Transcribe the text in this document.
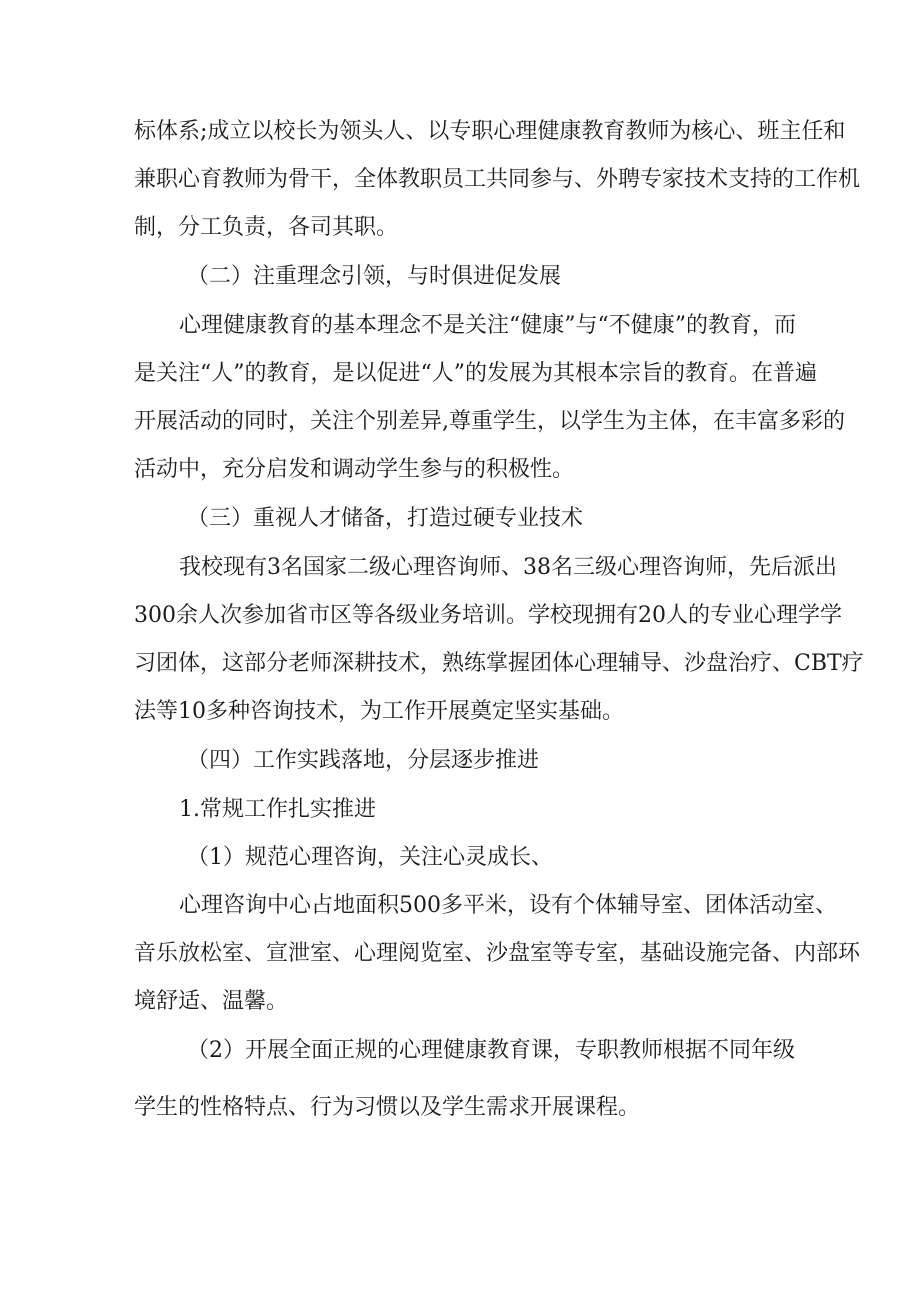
标体系;成立以校长为领头人、以专职心理健康教育教师为核心、班主任和
兼职心育教师为骨干，全体教职员工共同参与、外聘专家技术支持的工作机
制，分工负责，各司其职。
（二）注重理念引领，与时俱进促发展
心理健康教育的基本理念不是关注“健康”与“不健康”的教育，而
是关注“人”的教育，是以促进“人”的发展为其根本宗旨的教育。在普遍
开展活动的同时，关注个别差异,尊重学生，以学生为主体，在丰富多彩的
活动中，充分启发和调动学生参与的积极性。
（三）重视人才储备，打造过硬专业技术
我校现有3名国家二级心理咨询师、38名三级心理咨询师，先后派出
300余人次参加省市区等各级业务培训。学校现拥有20人的专业心理学学
习团体，这部分老师深耕技术，熟练掌握团体心理辅导、沙盘治疗、CBT疗
法等10多种咨询技术，为工作开展奠定坚实基础。
（四）工作实践落地，分层逐步推进
1.常规工作扎实推进
（1）规范心理咨询，关注心灵成长、
心理咨询中心占地面积500多平米，设有个体辅导室、团体活动室、
音乐放松室、宣泄室、心理阅览室、沙盘室等专室，基础设施完备、内部环
境舒适、温馨。
（2）开展全面正规的心理健康教育课，专职教师根据不同年级
学生的性格特点、行为习惯以及学生需求开展课程。
